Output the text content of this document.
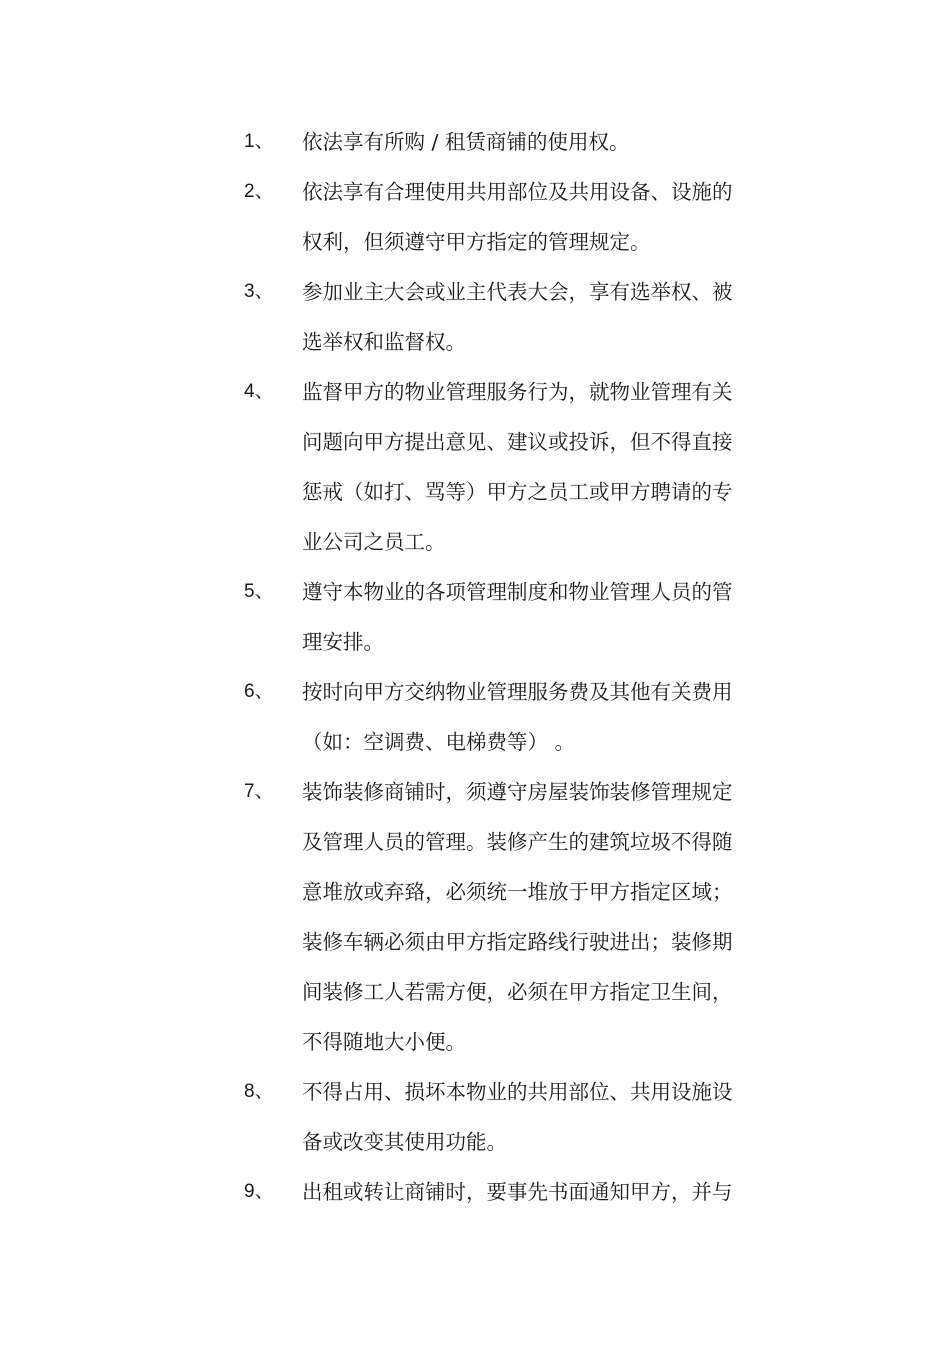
1、	依法享有所购 / 租赁商铺的使用权。
2、	依法享有合理使用共用部位及共用设备、设施的
权利，但须遵守甲方指定的管理规定。
3、	参加业主大会或业主代表大会，享有选举权、被
选举权和监督权。
4、	监督甲方的物业管理服务行为，就物业管理有关
问题向甲方提出意见、建议或投诉，但不得直接
惩戒（如打、骂等）甲方之员工或甲方聘请的专
业公司之员工。
5、	遵守本物业的各项管理制度和物业管理人员的管
理安排。
6、	按时向甲方交纳物业管理服务费及其他有关费用
（如：空调费、电梯费等） 。
7、	装饰装修商铺时，须遵守房屋装饰装修管理规定
及管理人员的管理。装修产生的建筑垃圾不得随
意堆放或弃臵，必须统一堆放于甲方指定区域；
装修车辆必须由甲方指定路线行驶进出；装修期
间装修工人若需方便，必须在甲方指定卫生间，
不得随地大小便。
8、	不得占用、损坏本物业的共用部位、共用设施设
备或改变其使用功能。
9、	出租或转让商铺时，要事先书面通知甲方，并与
